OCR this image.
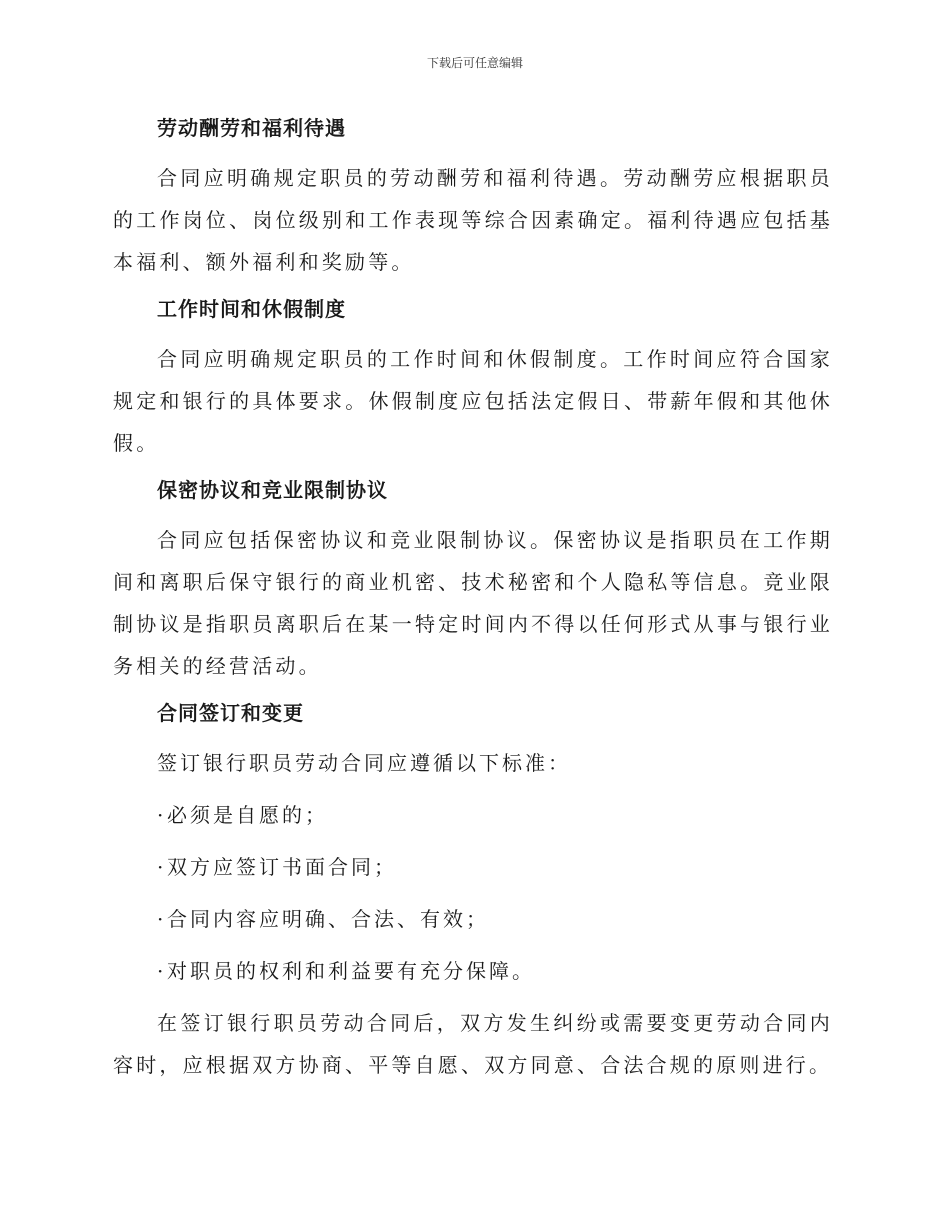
下载后可任意编辑
劳动酬劳和福利待遇

合同应明确规定职员的劳动酬劳和福利待遇。劳动酬劳应根据职员的工作岗位、岗位级别和工作表现等综合因素确定。福利待遇应包括基本福利、额外福利和奖励等。

工作时间和休假制度

合同应明确规定职员的工作时间和休假制度。工作时间应符合国家规定和银行的具体要求。休假制度应包括法定假日、带薪年假和其他休假。

保密协议和竞业限制协议

合同应包括保密协议和竞业限制协议。保密协议是指职员在工作期间和离职后保守银行的商业机密、技术秘密和个人隐私等信息。竞业限制协议是指职员离职后在某一特定时间内不得以任何形式从事与银行业务相关的经营活动。

合同签订和变更

签订银行职员劳动合同应遵循以下标准：

· 必须是自愿的；
· 双方应签订书面合同；
· 合同内容应明确、合法、有效；
· 对职员的权利和利益要有充分保障。

在签订银行职员劳动合同后，双方发生纠纷或需要变更劳动合同内容时，应根据双方协商、平等自愿、双方同意、合法合规的原则进行。
